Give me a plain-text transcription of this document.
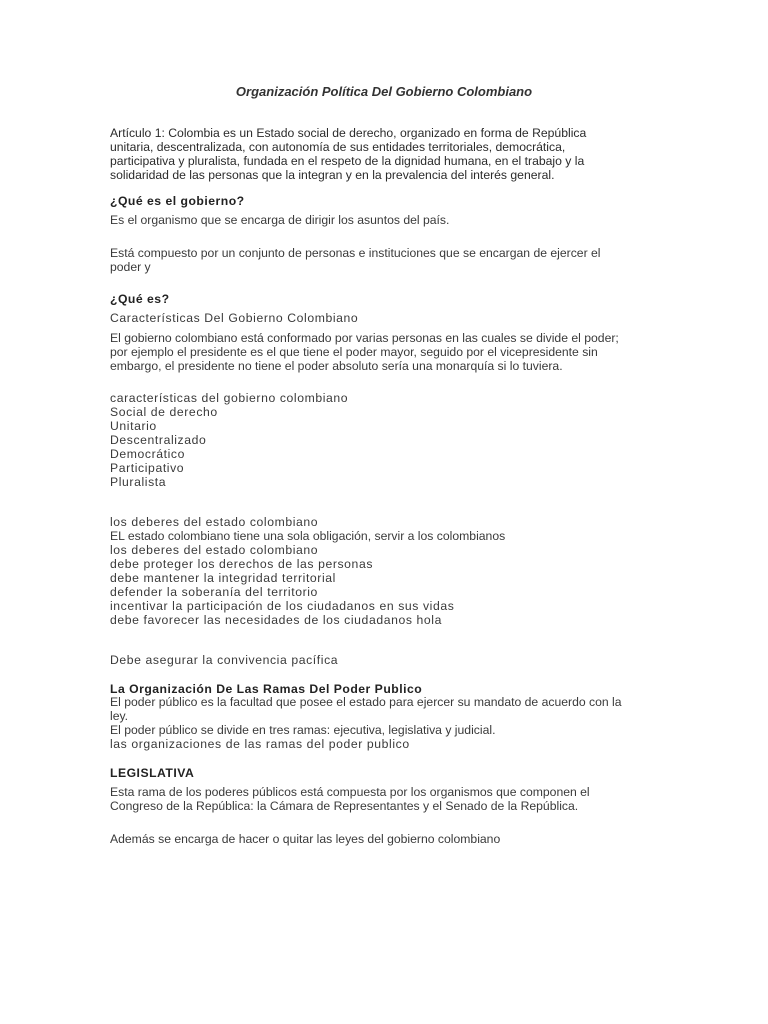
Organización Política Del Gobierno Colombiano

Artículo 1: Colombia es un Estado social de derecho, organizado en forma de República

unitaria, descentralizada, con autonomía de sus entidades territoriales, democrática,

participativa y pluralista, fundada en el respeto de la dignidad humana, en el trabajo y la

solidaridad de las personas que la integran y en la prevalencia del interés general.

¿Qué es el gobierno?
Es el organismo que se encarga de dirigir los asuntos del país.

Está compuesto por un conjunto de personas e instituciones que se encargan de ejercer el

poder y

¿Qué es?
Características Del Gobierno Colombiano

El gobierno colombiano está conformado por varias personas en las cuales se divide el poder;

por ejemplo el presidente es el que tiene el poder mayor, seguido por el vicepresidente sin

embargo, el presidente no tiene el poder absoluto sería una monarquía si lo tuviera.

características del gobierno colombiano

Social de derecho

Unitario

Descentralizado

Democrático

Participativo

Pluralista

los deberes del estado colombiano

EL estado colombiano tiene una sola obligación, servir a los colombianos

los deberes del estado colombiano

debe proteger los derechos de las personas

debe mantener la integridad territorial

defender la soberanía del territorio

incentivar la participación de los ciudadanos en sus vidas

debe favorecer las necesidades de los ciudadanos hola

Debe asegurar la convivencia pacífica
La Organización De Las Ramas Del Poder Publico

El poder público es la facultad que posee el estado para ejercer su mandato de acuerdo con la

ley.

El poder público se divide en tres ramas: ejecutiva, legislativa y judicial.

las organizaciones de las ramas del poder publico

LEGISLATIVA

Esta rama de los poderes públicos está compuesta por los organismos que componen el

Congreso de la República: la Cámara de Representantes y el Senado de la República.

Además se encarga de hacer o quitar las leyes del gobierno colombiano
